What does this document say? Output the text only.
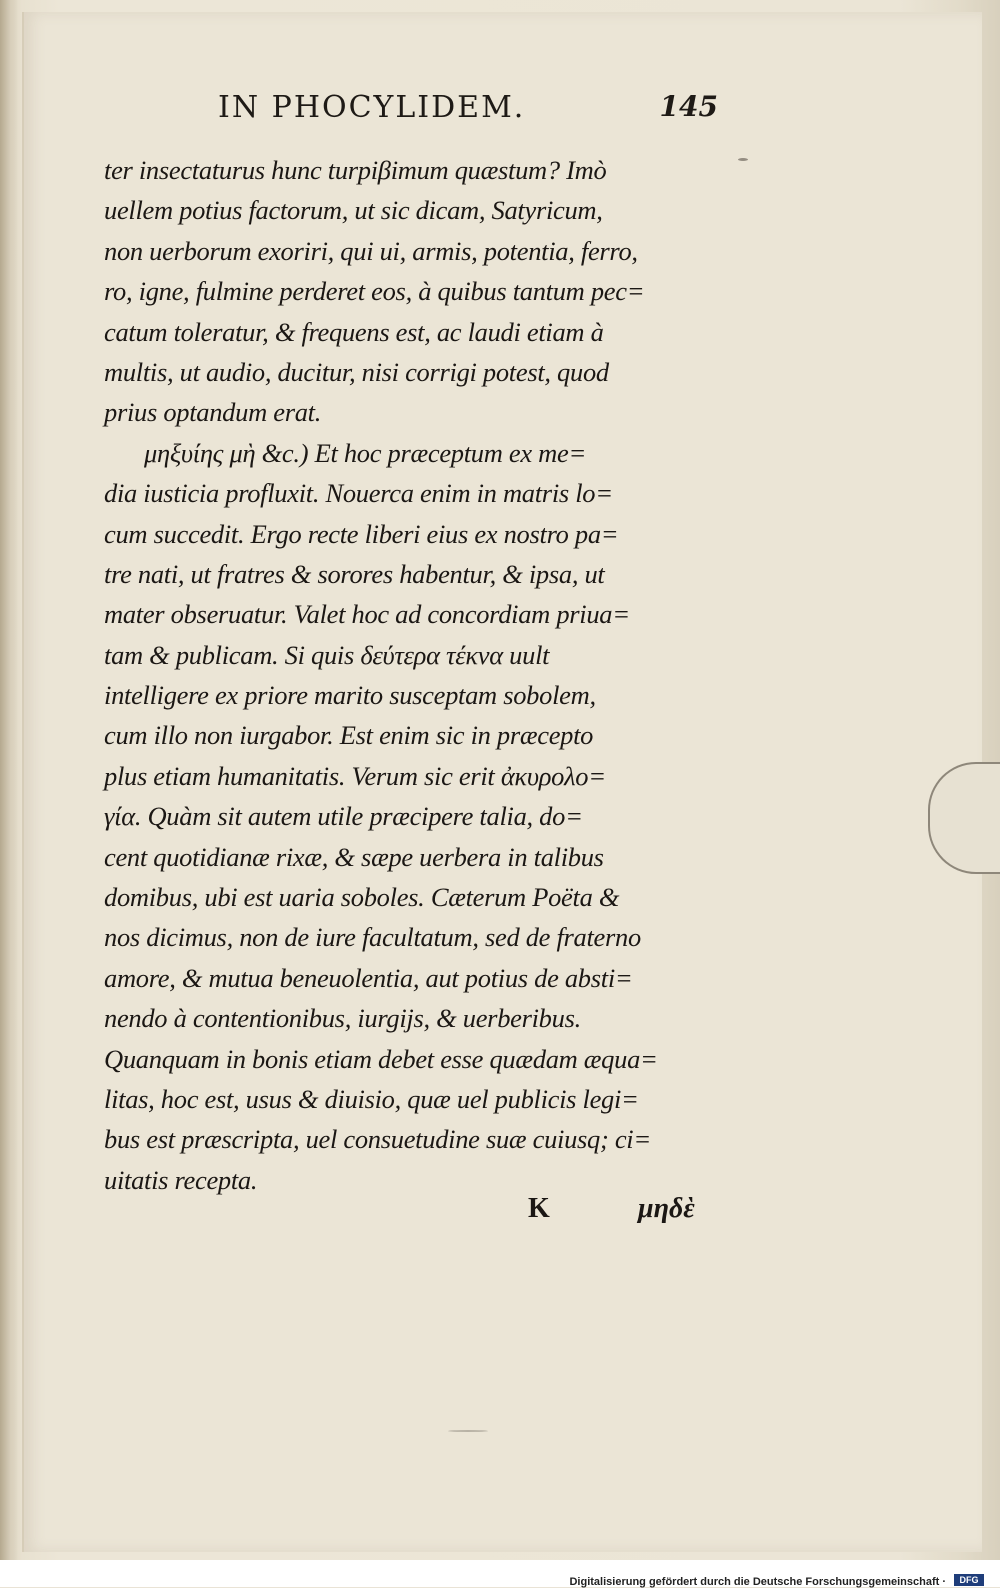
IN PHOCYLIDEM.	145
ter insectaturus hunc turpiβimum quæstum? Imò
uellem potius factorum, ut sic dicam, Satyricum,
non uerborum exoriri, qui ui, armis, potentia, ferro,
ro, igne, fulmine perderet eos, à quibus tantum pec=
catum toleratur, & frequens est, ac laudi etiam à
multis, ut audio, ducitur, nisi corrigi potest, quod
prius optandum erat.
μηξυίης μὴ &c.) Et hoc præceptum ex me=
dia iusticia profluxit. Nouerca enim in matris lo=
cum succedit. Ergo recte liberi eius ex nostro pa=
tre nati, ut fratres & sorores habentur, & ipsa, ut
mater obseruatur. Valet hoc ad concordiam priua=
tam & publicam. Si quis δεύτερα τέκνα uult
intelligere ex priore marito susceptam sobolem,
cum illo non iurgabor. Est enim sic in præcepto
plus etiam humanitatis. Verum sic erit ἀκυρολο=
γία. Quàm sit autem utile præcipere talia, do=
cent quotidianæ rixæ, & sæpe uerbera in talibus
domibus, ubi est uaria soboles. Cæterum Poëta &
nos dicimus, non de iure facultatum, sed de fraterno
amore, & mutua beneuolentia, aut potius de absti=
nendo à contentionibus, iurgijs, & uerberibus.
Quanquam in bonis etiam debet esse quædam æqua=
litas, hoc est, usus & diuisio, quæ uel publicis legi=
bus est præscripta, uel consuetudine suæ cuiusq; ci=
uitatis recepta.
K	μηδὲ
Digitalisierung gefördert durch die Deutsche Forschungsgemeinschaft ·	DFG
